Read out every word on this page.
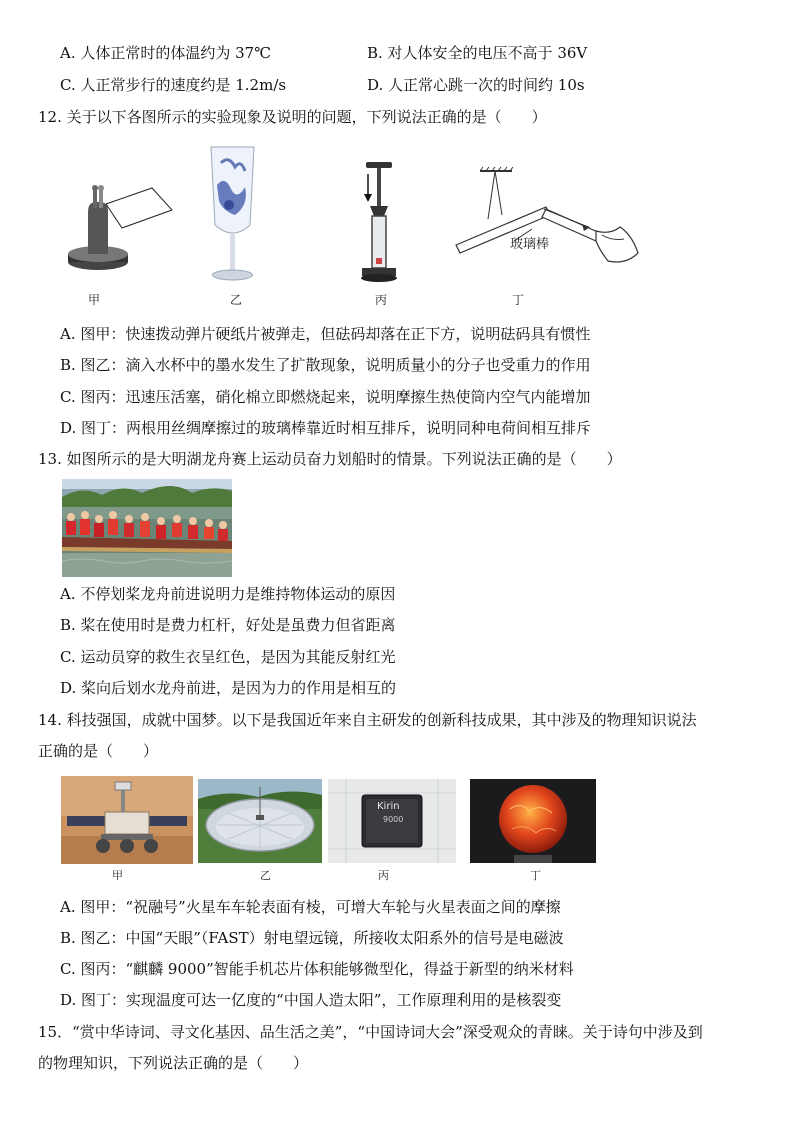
A. 人体正常时的体温约为 37℃	B. 对人体安全的电压不高于 36V
C. 人正常步行的速度约是 1.2m/s	D. 人正常心跳一次的时间约 10s
12. 关于以下各图所示的实验现象及说明的问题，下列说法正确的是（　　）
甲	乙	丙
玻璃棒
丁
A. 图甲：快速拨动弹片硬纸片被弹走，但砝码却落在正下方，说明砝码具有惯性
B. 图乙：滴入水杯中的墨水发生了扩散现象，说明质量小的分子也受重力的作用
C. 图丙：迅速压活塞，硝化棉立即燃烧起来，说明摩擦生热使筒内空气内能增加
D. 图丁：两根用丝绸摩擦过的玻璃棒靠近时相互排斥，说明同种电荷间相互排斥
13. 如图所示的是大明湖龙舟赛上运动员奋力划船时的情景。下列说法正确的是（　　）
A. 不停划桨龙舟前进说明力是维持物体运动的原因
B. 桨在使用时是费力杠杆，好处是虽费力但省距离
C. 运动员穿的救生衣呈红色，是因为其能反射红光
D. 桨向后划水龙舟前进，是因为力的作用是相互的
14. 科技强国，成就中国梦。以下是我国近年来自主研发的创新科技成果，其中涉及的物理知识说法
正确的是（　　）
甲	乙
Kirin
9000
丙	丁
A. 图甲：“祝融号”火星车车轮表面有棱，可增大车轮与火星表面之间的摩擦
B. 图乙：中国“天眼”（FAST）射电望远镜，所接收太阳系外的信号是电磁波
C. 图丙：“麒麟 9000”智能手机芯片体积能够微型化，得益于新型的纳米材料
D. 图丁：实现温度可达一亿度的“中国人造太阳”，工作原理利用的是核裂变
15．“赏中华诗词、寻文化基因、品生活之美”，“中国诗词大会”深受观众的青睐。关于诗句中涉及到
的物理知识，下列说法正确的是（　　）
